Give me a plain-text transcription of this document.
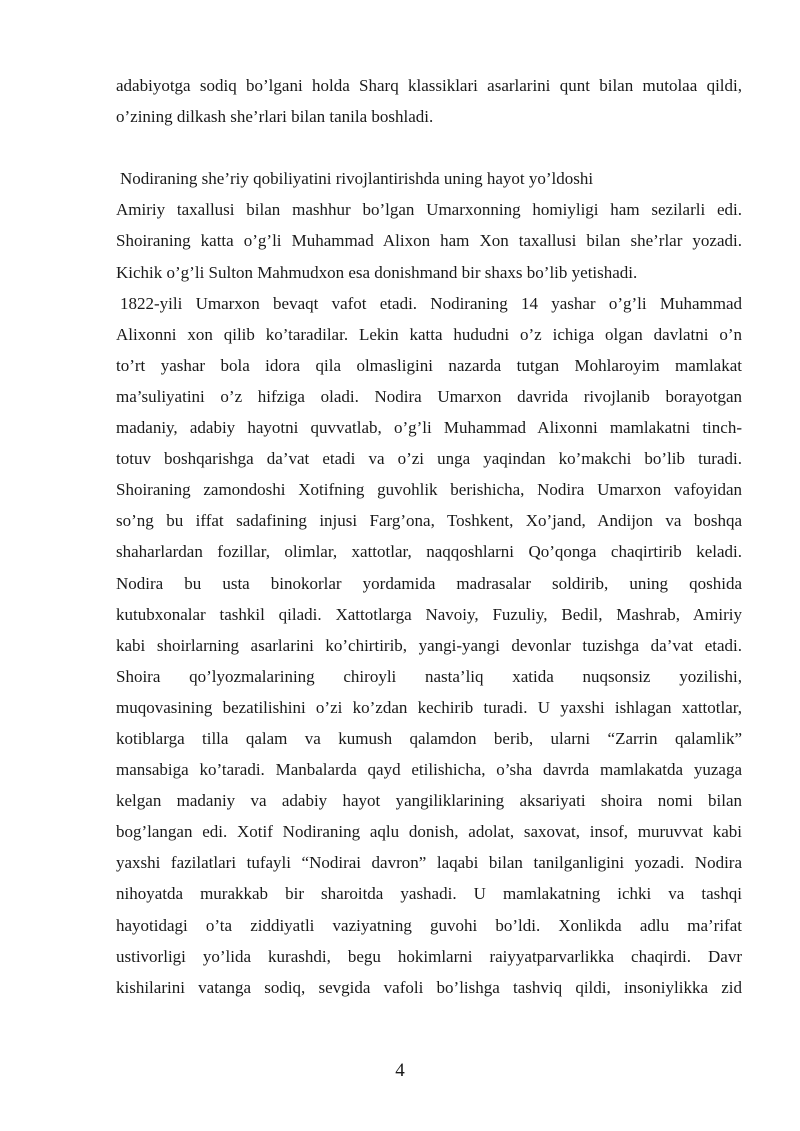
adabiyotga sodiq bo’lgani holda Sharq klassiklari asarlarini qunt bilan mutolaa qildi,
o’zining dilkash she’rlari bilan tanila boshladi.
Nodiraning she’riy qobiliyatini rivojlantirishda uning hayot yo’ldoshi
Amiriy taxallusi bilan mashhur bo’lgan Umarxonning homiyligi ham sezilarli edi.
Shoiraning katta o’g’li Muhammad Alixon ham Xon taxallusi bilan she’rlar yozadi.
Kichik o’g’li Sulton Mahmudxon esa donishmand bir shaxs bo’lib yetishadi.
1822-yili Umarxon bevaqt vafot etadi. Nodiraning 14 yashar o’g’li Muhammad
Alixonni xon qilib ko’taradilar. Lekin katta hududni o’z ichiga olgan davlatni o’n
to’rt yashar bola idora qila olmasligini nazarda tutgan Mohlaroyim mamlakat
ma’suliyatini o’z hifziga oladi. Nodira Umarxon davrida rivojlanib borayotgan
madaniy, adabiy hayotni quvvatlab, o’g’li Muhammad Alixonni mamlakatni tinch-
totuv boshqarishga da’vat etadi va o’zi unga yaqindan ko’makchi bo’lib turadi.
Shoiraning zamondoshi Xotifning guvohlik berishicha, Nodira Umarxon vafoyidan
so’ng bu iffat sadafining injusi Farg’ona, Toshkent, Xo’jand, Andijon va boshqa
shaharlardan fozillar, olimlar, xattotlar, naqqoshlarni Qo’qonga chaqirtirib keladi.
Nodira bu usta binokorlar yordamida madrasalar soldirib, uning qoshida
kutubxonalar tashkil qiladi. Xattotlarga Navoiy, Fuzuliy, Bedil, Mashrab, Amiriy
kabi shoirlarning asarlarini ko’chirtirib, yangi-yangi devonlar tuzishga da’vat etadi.
Shoira qo’lyozmalarining chiroyli nasta’liq xatida nuqsonsiz yozilishi,
muqovasining bezatilishini o’zi ko’zdan kechirib turadi. U yaxshi ishlagan xattotlar,
kotiblarga tilla qalam va kumush qalamdon berib, ularni “Zarrin qalamlik”
mansabiga ko’taradi. Manbalarda qayd etilishicha, o’sha davrda mamlakatda yuzaga
kelgan madaniy va adabiy hayot yangiliklarining aksariyati shoira nomi bilan
bog’langan edi. Xotif Nodiraning aqlu donish, adolat, saxovat, insof, muruvvat kabi
yaxshi fazilatlari tufayli “Nodirai davron” laqabi bilan tanilganligini yozadi. Nodira
nihoyatda murakkab bir sharoitda yashadi. U mamlakatning ichki va tashqi
hayotidagi o’ta ziddiyatli vaziyatning guvohi bo’ldi. Xonlikda adlu ma’rifat
ustivorligi yo’lida kurashdi, begu hokimlarni raiyyatparvarlikka chaqirdi. Davr
kishilarini vatanga sodiq, sevgida vafoli bo’lishga tashviq qildi, insoniylikka zid
4
